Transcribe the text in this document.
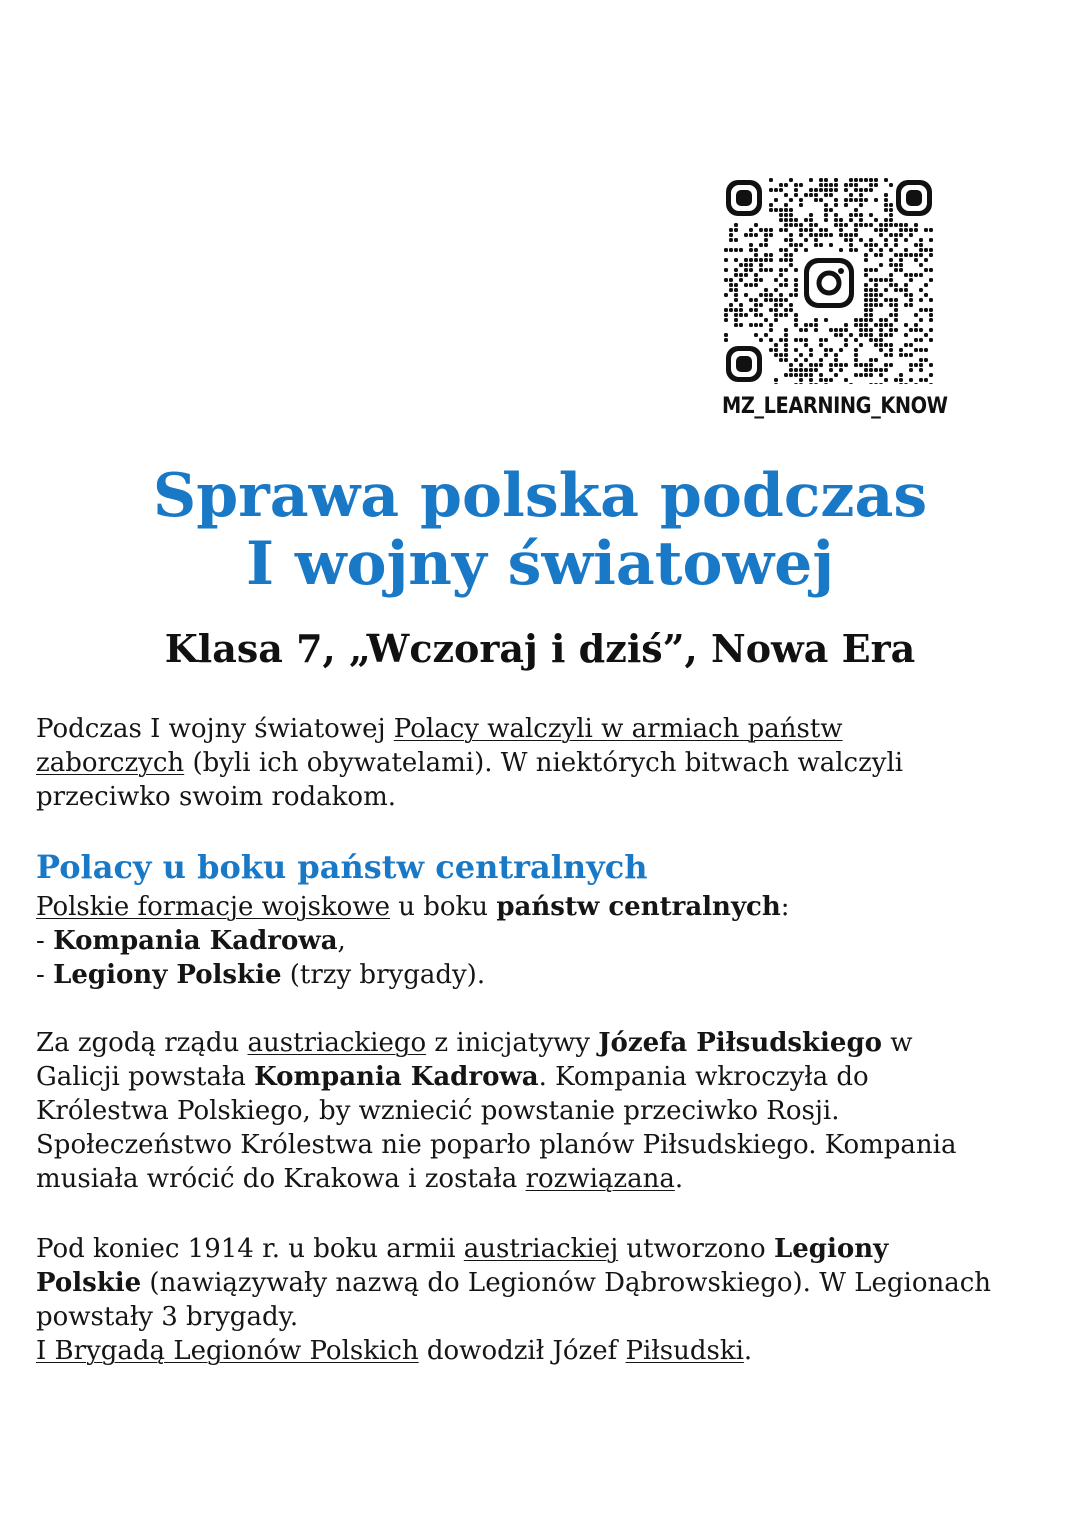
MZ_LEARNING_KNOW
Sprawa polska podczas
I wojny światowej
Klasa 7, „Wczoraj i dziś”, Nowa Era
Podczas I wojny światowej Polacy walczyli w armiach państw
zaborczych (byli ich obywatelami). W niektórych bitwach walczyli
przeciwko swoim rodakom.
Polacy u boku państw centralnych
Polskie formacje wojskowe u boku państw centralnych:
- Kompania Kadrowa,
- Legiony Polskie (trzy brygady).
Za zgodą rządu austriackiego z inicjatywy Józefa Piłsudskiego w
Galicji powstała Kompania Kadrowa. Kompania wkroczyła do
Królestwa Polskiego, by wzniecić powstanie przeciwko Rosji.
Społeczeństwo Królestwa nie poparło planów Piłsudskiego. Kompania
musiała wrócić do Krakowa i została rozwiązana.
Pod koniec 1914 r. u boku armii austriackiej utworzono Legiony
Polskie (nawiązywały nazwą do Legionów Dąbrowskiego). W Legionach
powstały 3 brygady.
I Brygadą Legionów Polskich dowodził Józef Piłsudski.
